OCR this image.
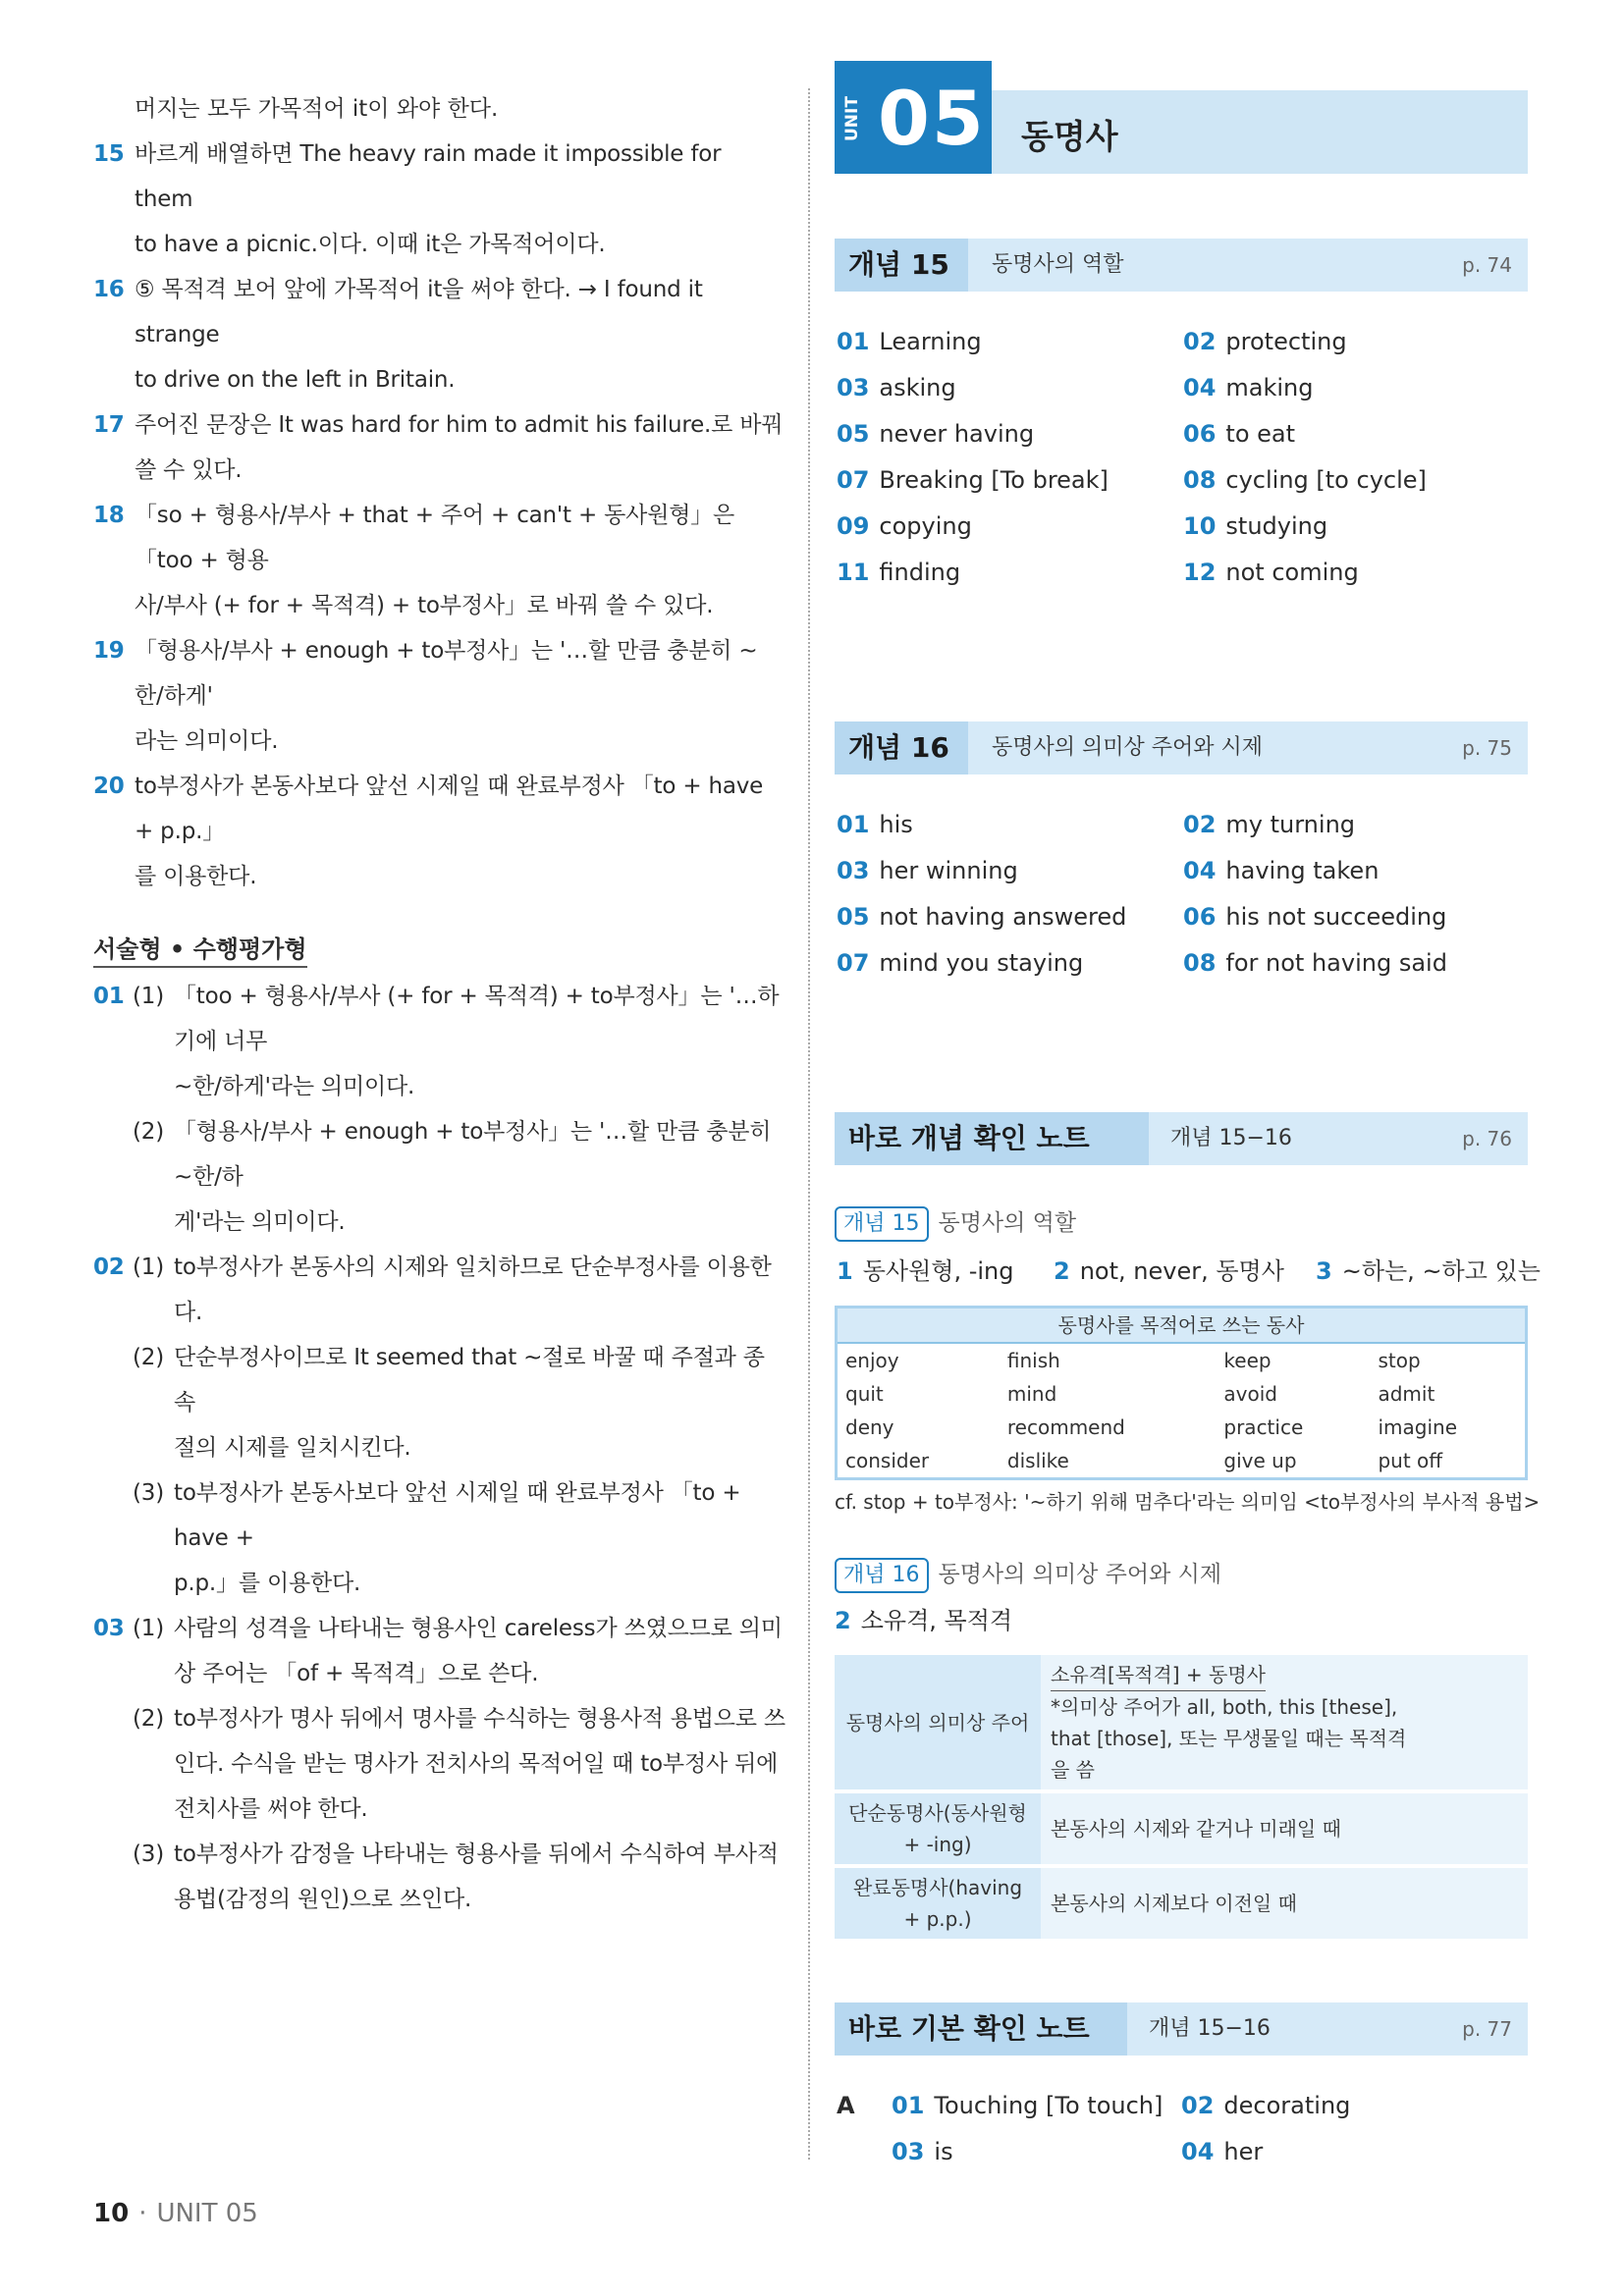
머지는 모두 가목적어 it이 와야 한다.
15 바르게 배열하면 The heavy rain made it impossible for them
to have a picnic.이다. 이때 it은 가목적어이다.
16 ⑤ 목적격 보어 앞에 가목적어 it을 써야 한다. → I found it strange
to drive on the left in Britain.
17 주어진 문장은 It was hard for him to admit his failure.로 바꿔
쓸 수 있다.
18 「so + 형용사/부사 + that + 주어 + can't + 동사원형」은 「too + 형용
사/부사 (+ for + 목적격) + to부정사」로 바꿔 쓸 수 있다.
19 「형용사/부사 + enough + to부정사」는 '…할 만큼 충분히 ~한/하게'
라는 의미이다.
20 to부정사가 본동사보다 앞선 시제일 때 완료부정사 「to + have + p.p.」
를 이용한다.
서술형 • 수행평가형
01 (1) 「too + 형용사/부사 (+ for + 목적격) + to부정사」는 '…하기에 너무
~한/하게'라는 의미이다.
(2) 「형용사/부사 + enough + to부정사」는 '…할 만큼 충분히 ~한/하
게'라는 의미이다.
02 (1) to부정사가 본동사의 시제와 일치하므로 단순부정사를 이용한다.
(2) 단순부정사이므로 It seemed that ~절로 바꿀 때 주절과 종속
절의 시제를 일치시킨다.
(3) to부정사가 본동사보다 앞선 시제일 때 완료부정사 「to + have +
p.p.」를 이용한다.
03 (1) 사람의 성격을 나타내는 형용사인 careless가 쓰였으므로 의미
상 주어는 「of + 목적격」으로 쓴다.
(2) to부정사가 명사 뒤에서 명사를 수식하는 형용사적 용법으로 쓰
인다. 수식을 받는 명사가 전치사의 목적어일 때 to부정사 뒤에
전치사를 써야 한다.
(3) to부정사가 감정을 나타내는 형용사를 뒤에서 수식하여 부사적
용법(감정의 원인)으로 쓰인다.
UNIT 05 동명사
개념 15	동명사의 역할	p. 74
01 Learning	02 protecting
03 asking	04 making
05 never having	06 to eat
07 Breaking [To break]	08 cycling [to cycle]
09 copying	10 studying
11 finding	12 not coming
개념 16	동명사의 의미상 주어와 시제	p. 75
01 his	02 my turning
03 her winning	04 having taken
05 not having answered 06 his not succeeding
07 mind you staying	08 for not having said
바로 개념 확인 노트	개념 15−16	p. 76
개념 15 동명사의 역할
1 동사원형, -ing 2 not, never, 동명사 3 ~하는, ~하고 있는
동명사를 목적어로 쓰는 동사			
enjoy	finish	keep	stop
quit	mind	avoid	admit
deny	recommend	practice	imagine
consider	dislike	give up	put off
cf. stop + to부정사: '~하기 위해 멈추다'라는 의미임 <to부정사의 부사적 용법>
개념 16 동명사의 의미상 주어와 시제
2 소유격, 목적격
동명사의 의미상 주어	소유격[목적격] + 동명사
*의미상 주어가 all, both, this [these],
that [those], 또는 무생물일 때는 목적격
을 씀

단순동명사(동사원형 + -ing)	본동사의 시제와 같거나 미래일 때

완료동명사(having + p.p.)	본동사의 시제보다 이전일 때
바로 기본 확인 노트	개념 15−16	p. 77
A 01 Touching [To touch] 02 decorating
03 is	04 her
10 · UNIT 05
